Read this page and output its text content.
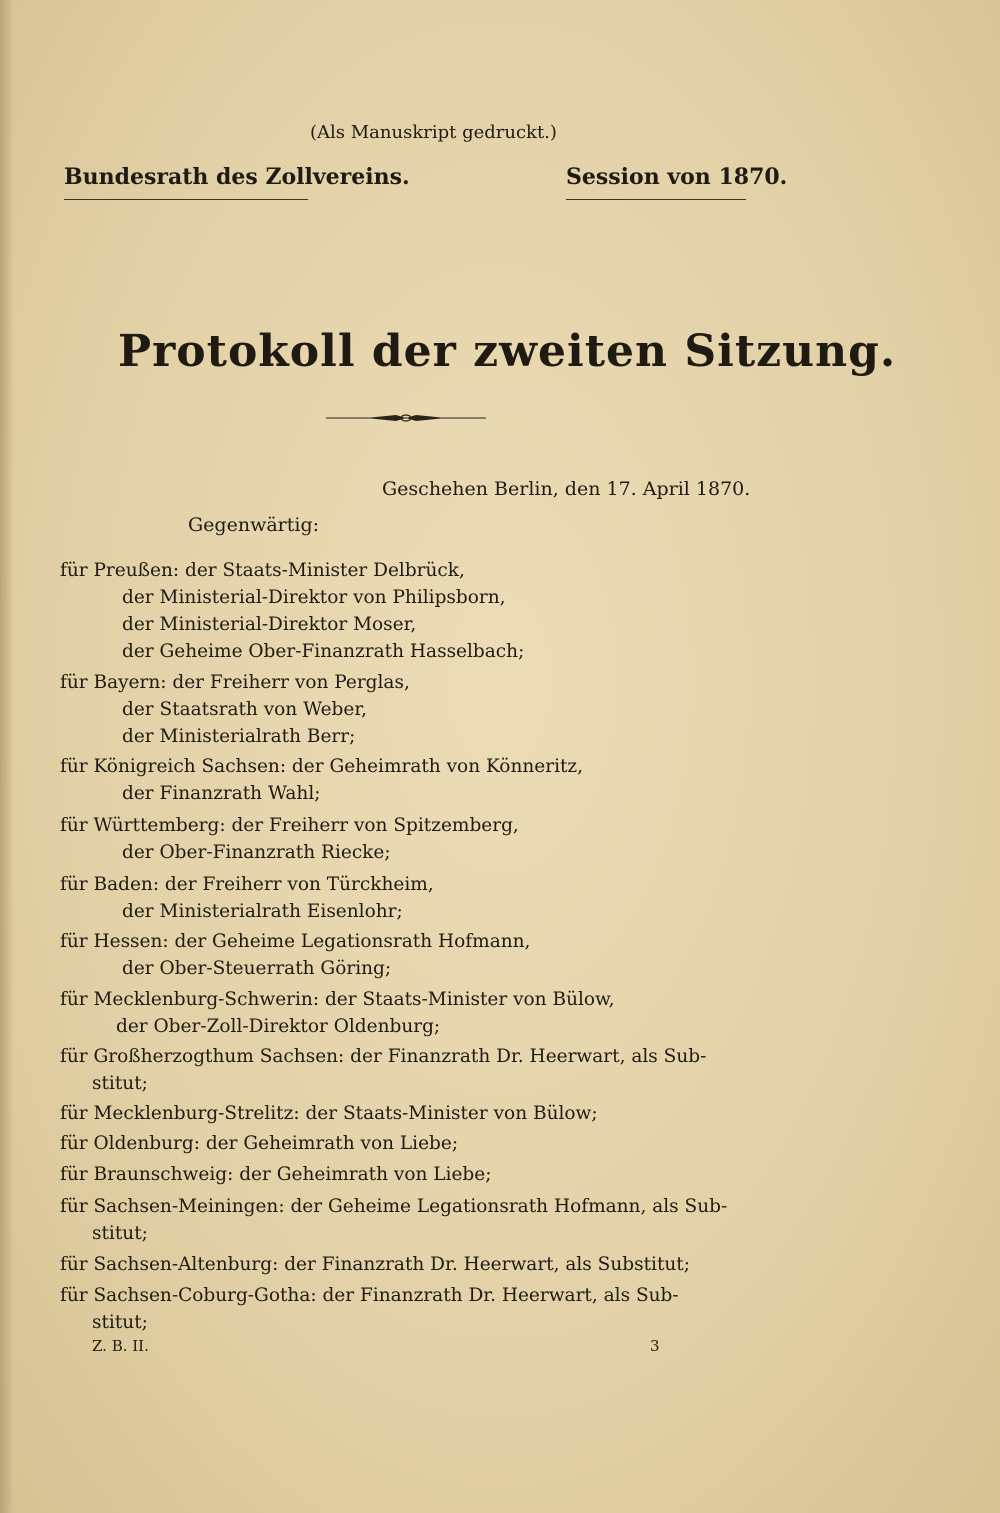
(Als Manuskript gedruckt.)
Bundesrath des Zollvereins.	Session von 1870.
Protokoll der zweiten Sitzung.
Geschehen Berlin, den 17. April 1870.
Gegenwärtig:
für Preußen: der Staats-Minister Delbrück,
der Ministerial-Direktor von Philipsborn,
der Ministerial-Direktor Moser,
der Geheime Ober-Finanzrath Hasselbach;
für Bayern: der Freiherr von Perglas,
der Staatsrath von Weber,
der Ministerialrath Berr;
für Königreich Sachsen: der Geheimrath von Könneritz,
der Finanzrath Wahl;
für Württemberg: der Freiherr von Spitzemberg,
der Ober-Finanzrath Riecke;
für Baden: der Freiherr von Türckheim,
der Ministerialrath Eisenlohr;
für Hessen: der Geheime Legationsrath Hofmann,
der Ober-Steuerrath Göring;
für Mecklenburg-Schwerin: der Staats-Minister von Bülow,
der Ober-Zoll-Direktor Oldenburg;
für Großherzogthum Sachsen: der Finanzrath Dr. Heerwart, als Sub-
stitut;
für Mecklenburg-Strelitz: der Staats-Minister von Bülow;
für Oldenburg: der Geheimrath von Liebe;
für Braunschweig: der Geheimrath von Liebe;
für Sachsen-Meiningen: der Geheime Legationsrath Hofmann, als Sub-
stitut;
für Sachsen-Altenburg: der Finanzrath Dr. Heerwart, als Substitut;
für Sachsen-Coburg-Gotha: der Finanzrath Dr. Heerwart, als Sub-
stitut;
Z. B. II.	3
